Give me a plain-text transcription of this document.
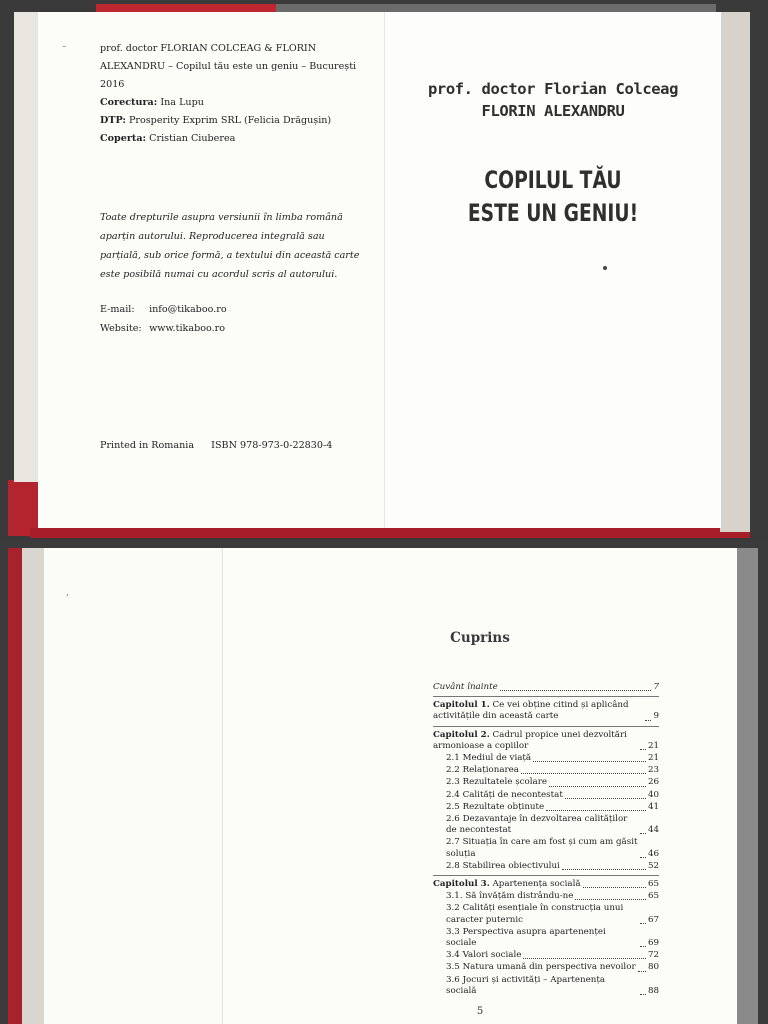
–	prof. doctor FLORIAN COLCEAG & FLORIN ALEXANDRU – Copilul tău este un geniu – București 2016
Corectura: Ina Lupu
DTP: Prosperity Exprim SRL (Felicia Drăgușin)
Coperta: Cristian Ciuberea
Toate drepturile asupra versiunii în limba română aparțin autorului. Reproducerea integrală sau parțială, sub orice formă, a textului din această carte este posibilă numai cu acordul scris al autorului.
E-mail: info@tikaboo.ro
Website: www.tikaboo.ro
Printed in Romania ISBN 978-973-0-22830-4
prof. doctor Florian Colceag
FLORIN ALEXANDRU
COPILUL TĂU
ESTE UN GENIU!
‚
Cuprins
Cuvânt înainte	7
Capitolul 1. Ce vei obține citind și aplicând activitățile din această carte	9
Capitolul 2. Cadrul propice unei dezvoltări armonioase a copiilor	21
2.1 Mediul de viață	21
2.2 Relaționarea	23
2.3 Rezultatele școlare	26
2.4 Calități de necontestat	40
2.5 Rezultate obținute	41
2.6 Dezavantaje în dezvoltarea calităților de necontestat	44
2.7 Situația în care am fost și cum am găsit soluția	46
2.8 Stabilirea obiectivului	52
Capitolul 3. Apartenența socială	65
3.1. Să învățăm distrându-ne	65
3.2 Calități esențiale în construcția unui caracter puternic	67
3.3 Perspectiva asupra apartenenței sociale	69
3.4 Valori sociale	72
3.5 Natura umană din perspectiva nevoilor 80
3.6 Jocuri și activități – Apartenența socială	88
5
